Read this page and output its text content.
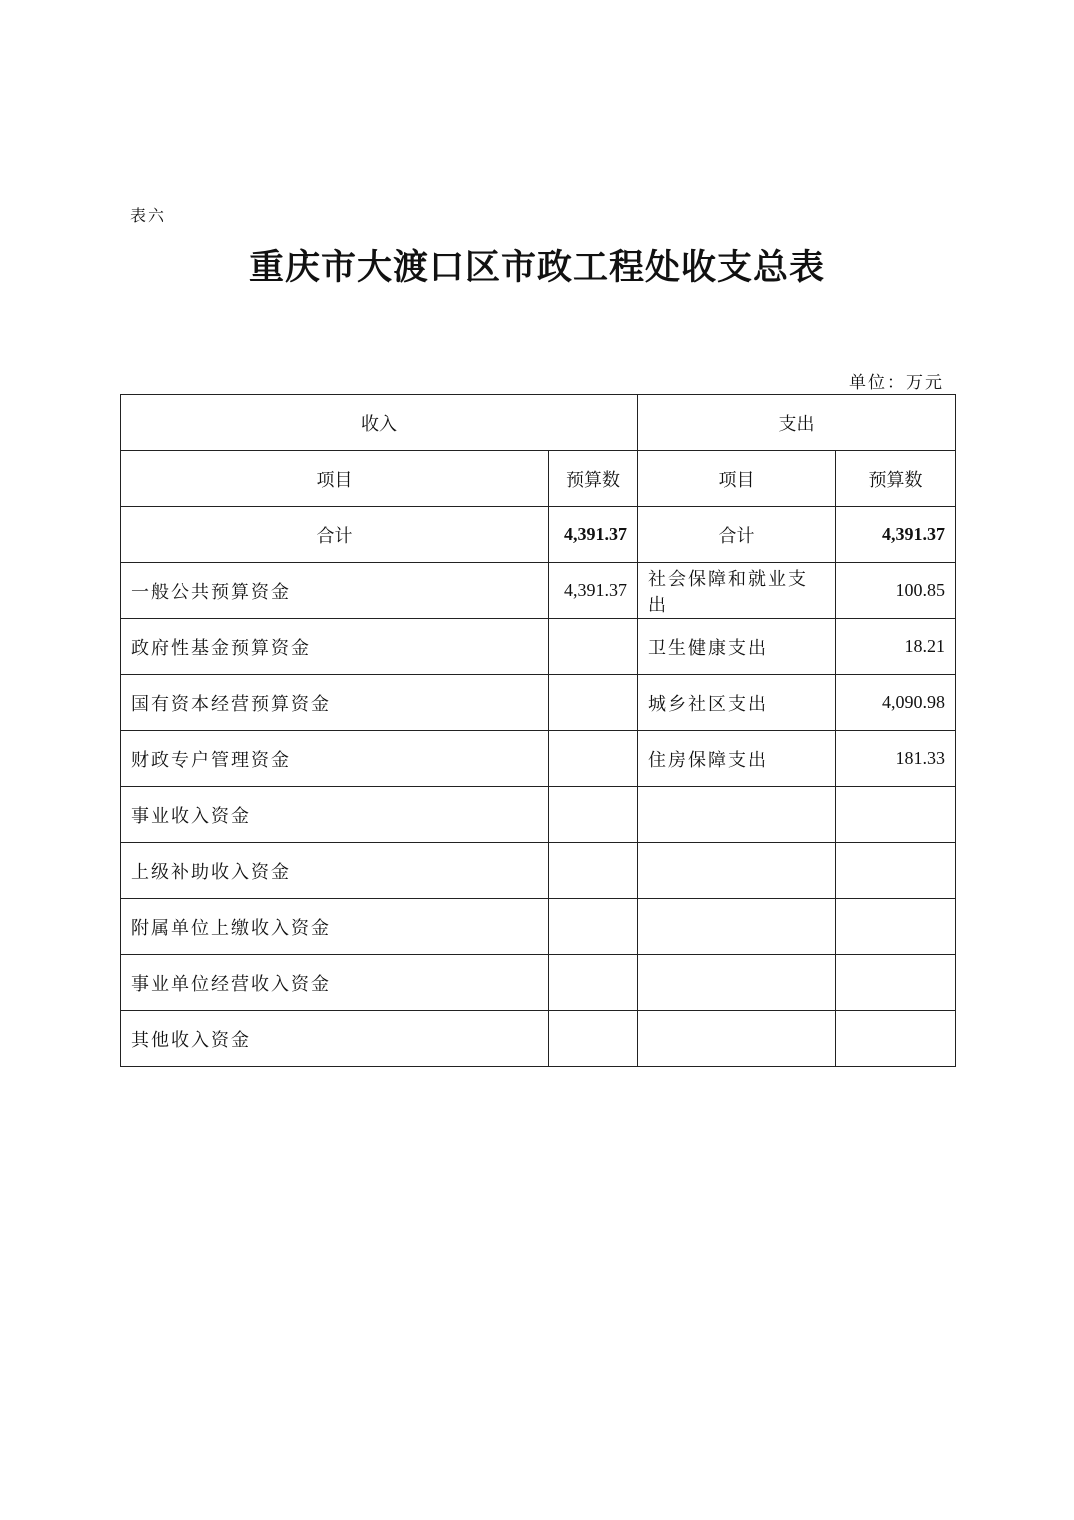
表六
重庆市大渡口区市政工程处收支总表
单位：万元
收入		支出	
项目	预算数	项目	预算数
合计	4,391.37	合计	4,391.37
一般公共预算资金	4,391.37	社会保障和就业支出	100.85
政府性基金预算资金		卫生健康支出	18.21
国有资本经营预算资金		城乡社区支出	4,090.98
财政专户管理资金		住房保障支出	181.33
事业收入资金			
上级补助收入资金			
附属单位上缴收入资金			
事业单位经营收入资金			
其他收入资金			
